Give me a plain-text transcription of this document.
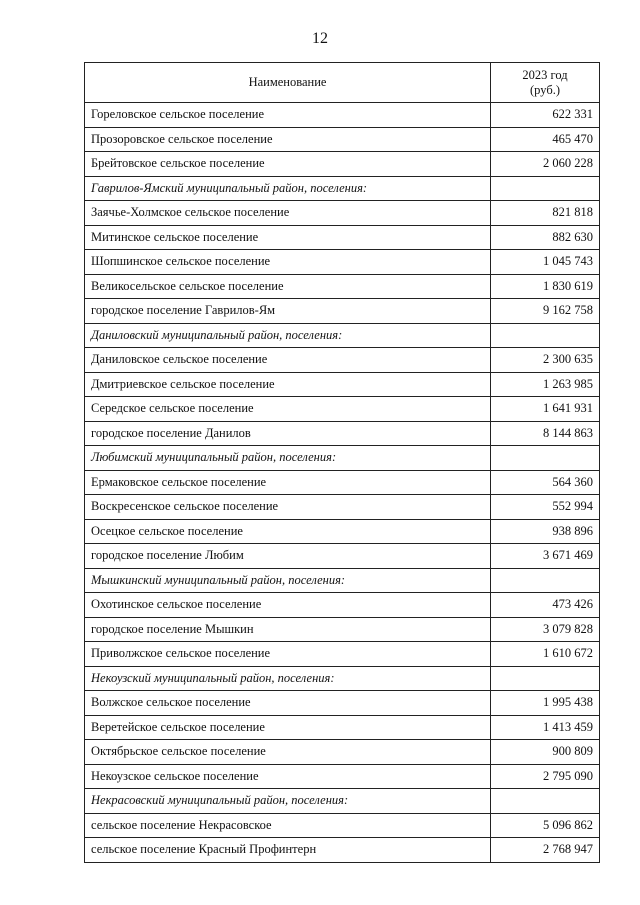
12
Наименование	2023 год
(руб.)
Гореловское сельское поселение	622 331
Прозоровское сельское поселение	465 470
Брейтовское сельское поселение	2 060 228
Гаврилов-Ямский муниципальный район, поселения:	
Заячье-Холмское сельское поселение	821 818
Митинское сельское поселение	882 630
Шопшинское сельское поселение	1 045 743
Великосельское сельское поселение	1 830 619
городское поселение Гаврилов-Ям	9 162 758
Даниловский муниципальный район, поселения:	
Даниловское сельское поселение	2 300 635
Дмитриевское сельское поселение	1 263 985
Середское сельское поселение	1 641 931
городское поселение Данилов	8 144 863
Любимский муниципальный район, поселения:	
Ермаковское сельское поселение	564 360
Воскресенское сельское поселение	552 994
Осецкое сельское поселение	938 896
городское поселение Любим	3 671 469
Мышкинский муниципальный район, поселения:	
Охотинское сельское поселение	473 426
городское поселение Мышкин	3 079 828
Приволжское сельское поселение	1 610 672
Некоузский муниципальный район, поселения:	
Волжское сельское поселение	1 995 438
Веретейское сельское поселение	1 413 459
Октябрьское сельское поселение	900 809
Некоузское сельское поселение	2 795 090
Некрасовский муниципальный район, поселения:	
сельское поселение Некрасовское	5 096 862
сельское поселение Красный Профинтерн	2 768 947
